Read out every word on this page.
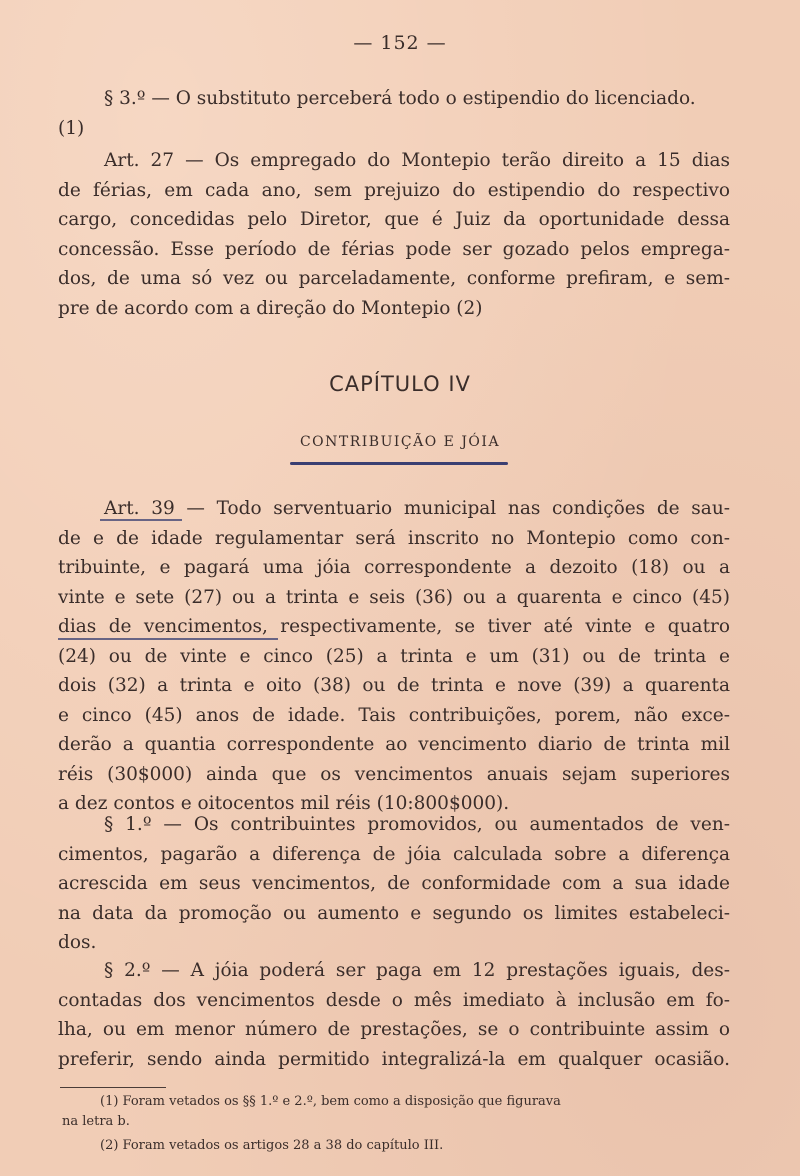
— 152 —
§ 3.º — O substituto perceberá todo o estipendio do licenciado.
(1)
Art. 27 — Os empregado do Montepio terão direito a 15 dias
de férias, em cada ano, sem prejuizo do estipendio do respectivo
cargo, concedidas pelo Diretor, que é Juiz da oportunidade dessa
concessão. Esse período de férias pode ser gozado pelos emprega-
dos, de uma só vez ou parceladamente, conforme prefiram, e sem-
pre de acordo com a direção do Montepio (2)
CAPÍTULO IV
CONTRIBUIÇÃO E JÓIA
Art. 39 — Todo serventuario municipal nas condições de sau-
de e de idade regulamentar será inscrito no Montepio como con-
tribuinte, e pagará uma jóia correspondente a dezoito (18) ou a
vinte e sete (27) ou a trinta e seis (36) ou a quarenta e cinco (45)
dias de vencimentos, respectivamente, se tiver até vinte e quatro
(24) ou de vinte e cinco (25) a trinta e um (31) ou de trinta e
dois (32) a trinta e oito (38) ou de trinta e nove (39) a quarenta
e cinco (45) anos de idade. Tais contribuições, porem, não exce-
derão a quantia correspondente ao vencimento diario de trinta mil
réis (30$000) ainda que os vencimentos anuais sejam superiores
a dez contos e oitocentos mil réis (10:800$000).
§ 1.º — Os contribuintes promovidos, ou aumentados de ven-
cimentos, pagarão a diferença de jóia calculada sobre a diferença
acrescida em seus vencimentos, de conformidade com a sua idade
na data da promoção ou aumento e segundo os limites estabeleci-
dos.
§ 2.º — A jóia poderá ser paga em 12 prestações iguais, des-
contadas dos vencimentos desde o mês imediato à inclusão em fo-
lha, ou em menor número de prestações, se o contribuinte assim o
preferir, sendo ainda permitido integralizá-la em qualquer ocasião.
(1) Foram vetados os §§ 1.º e 2.º, bem como a disposição que figurava
na letra b.
(2) Foram vetados os artigos 28 a 38 do capítulo III.
